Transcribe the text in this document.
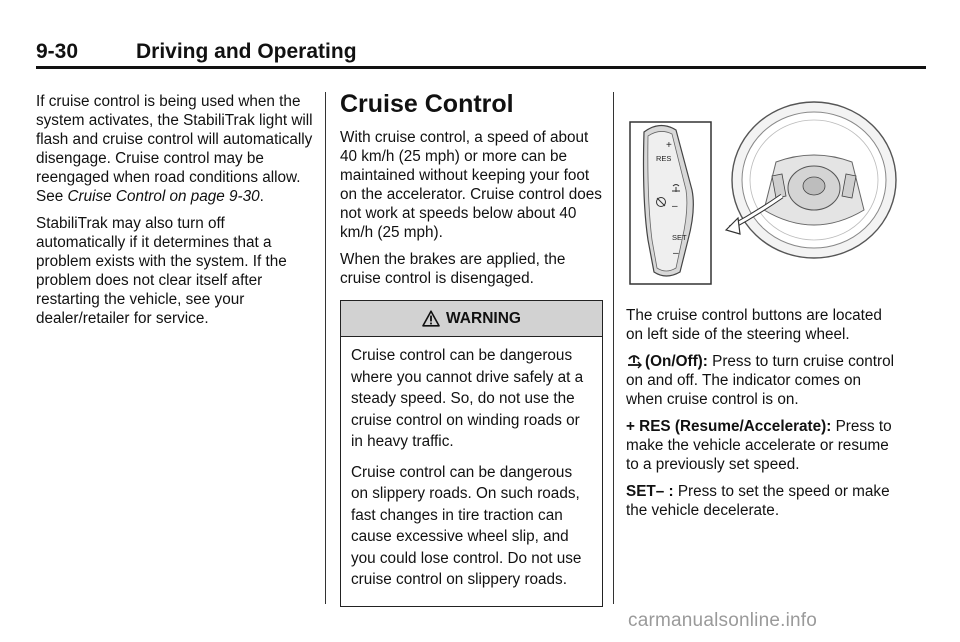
9-30	Driving and Operating

If cruise control is being used when the system activates, the StabiliTrak light will flash and cruise control will automatically disengage. Cruise control may be reengaged when road conditions allow. See Cruise Control on page 9-30.

StabiliTrak may also turn off automatically if it determines that a problem exists with the system. If the problem does not clear itself after restarting the vehicle, see your dealer/retailer for service.

Cruise Control

With cruise control, a speed of about 40 km/h (25 mph) or more can be maintained without keeping your foot on the accelerator. Cruise control does not work at speeds below about 40 km/h (25 mph).

When the brakes are applied, the cruise control is disengaged.

WARNING

Cruise control can be dangerous where you cannot drive safely at a steady speed. So, do not use the cruise control on winding roads or in heavy traffic.

Cruise control can be dangerous on slippery roads. On such roads, fast changes in tire traction can cause excessive wheel slip, and you could lose control. Do not use cruise control on slippery roads.

+
RES
–
SET
–

The cruise control buttons are located on left side of the steering wheel.

(On/Off): Press to turn cruise control on and off. The indicator comes on when cruise control is on.

+ RES (Resume/Accelerate): Press to make the vehicle accelerate or resume to a previously set speed.

SET– : Press to set the speed or make the vehicle decelerate.

carmanualsonline.info
